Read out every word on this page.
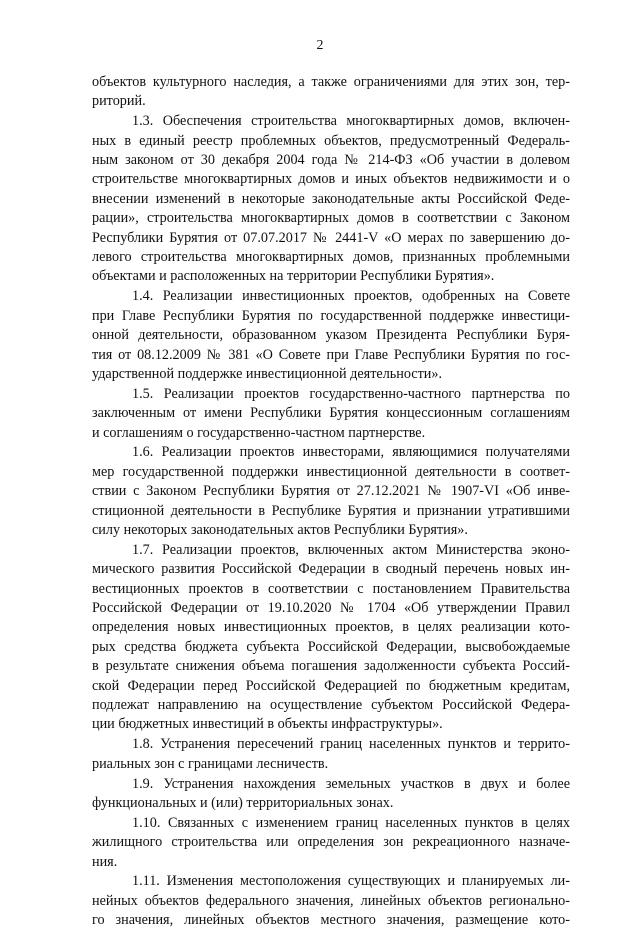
2
объектов культурного наследия, а также ограничениями для этих зон, тер-
риторий.
1.3. Обеспечения строительства многоквартирных домов, включен-
ных в единый реестр проблемных объектов, предусмотренный Федераль-
ным законом от 30 декабря 2004 года № 214-ФЗ «Об участии в долевом
строительстве многоквартирных домов и иных объектов недвижимости и о
внесении изменений в некоторые законодательные акты Российской Феде-
рации», строительства многоквартирных домов в соответствии с Законом
Республики Бурятия от 07.07.2017 № 2441-V «О мерах по завершению до-
левого строительства многоквартирных домов, признанных проблемными
объектами и расположенных на территории Республики Бурятия».
1.4. Реализации инвестиционных проектов, одобренных на Совете
при Главе Республики Бурятия по государственной поддержке инвестици-
онной деятельности, образованном указом Президента Республики Буря-
тия от 08.12.2009 № 381 «О Совете при Главе Республики Бурятия по гос-
ударственной поддержке инвестиционной деятельности».
1.5. Реализации проектов государственно-частного партнерства по
заключенным от имени Республики Бурятия концессионным соглашениям
и соглашениям о государственно-частном партнерстве.
1.6. Реализации проектов инвесторами, являющимися получателями
мер государственной поддержки инвестиционной деятельности в соответ-
ствии с Законом Республики Бурятия от 27.12.2021 № 1907-VI «Об инве-
стиционной деятельности в Республике Бурятия и признании утратившими
силу некоторых законодательных актов Республики Бурятия».
1.7. Реализации проектов, включенных актом Министерства эконо-
мического развития Российской Федерации в сводный перечень новых ин-
вестиционных проектов в соответствии с постановлением Правительства
Российской Федерации от 19.10.2020 № 1704 «Об утверждении Правил
определения новых инвестиционных проектов, в целях реализации кото-
рых средства бюджета субъекта Российской Федерации, высвобождаемые
в результате снижения объема погашения задолженности субъекта Россий-
ской Федерации перед Российской Федерацией по бюджетным кредитам,
подлежат направлению на осуществление субъектом Российской Федера-
ции бюджетных инвестиций в объекты инфраструктуры».
1.8. Устранения пересечений границ населенных пунктов и террито-
риальных зон с границами лесничеств.
1.9. Устранения нахождения земельных участков в двух и более
функциональных и (или) территориальных зонах.
1.10. Связанных с изменением границ населенных пунктов в целях
жилищного строительства или определения зон рекреационного назначе-
ния.
1.11. Изменения местоположения существующих и планируемых ли-
нейных объектов федерального значения, линейных объектов регионально-
го значения, линейных объектов местного значения, размещение кото-
